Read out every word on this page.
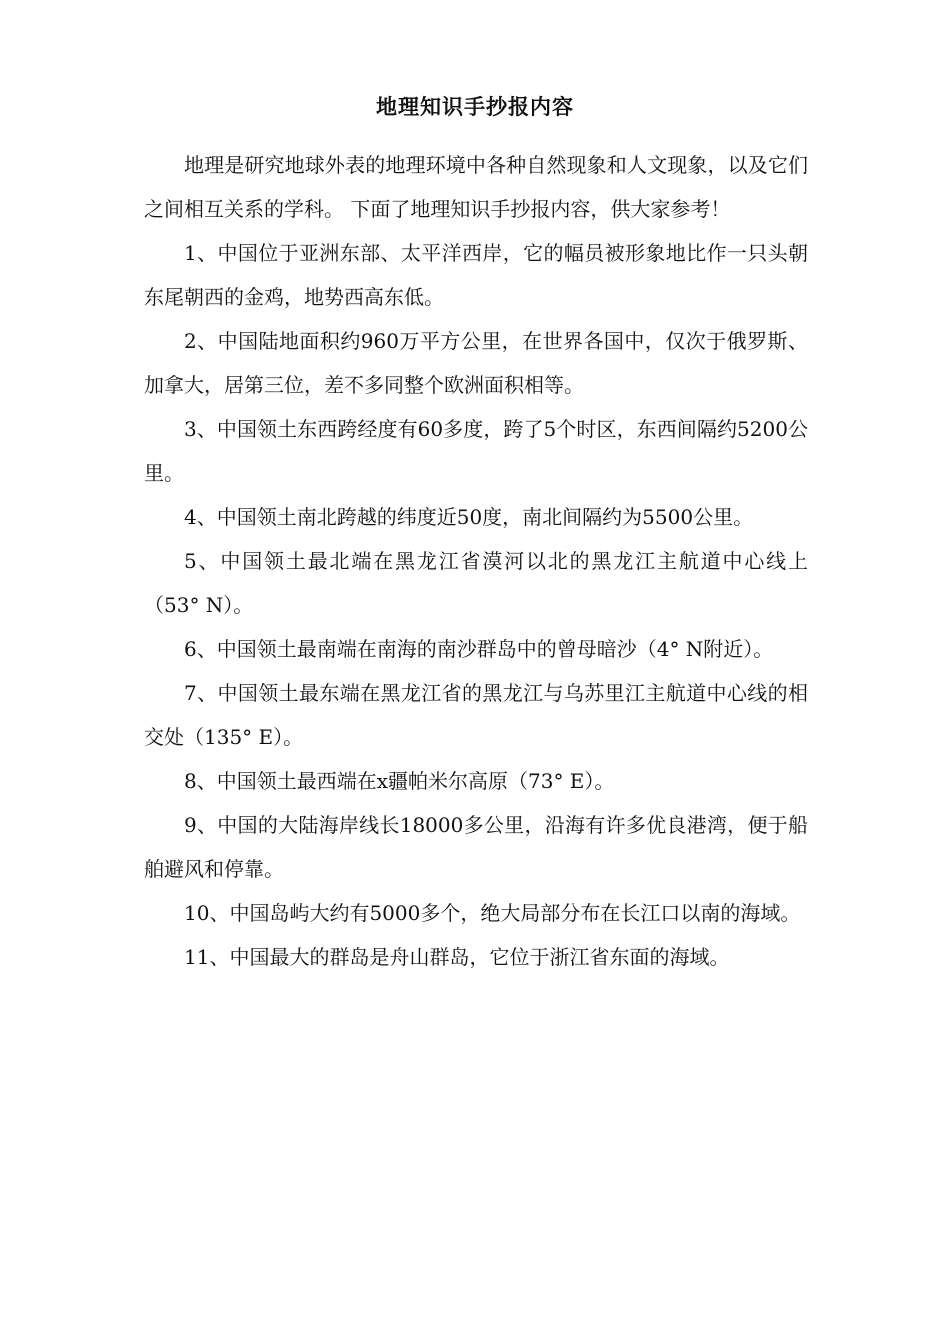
地理知识手抄报内容

地理是研究地球外表的地理环境中各种自然现象和人文现象，以及它们之间相互关系的学科。 下面了地理知识手抄报内容，供大家参考！

1、中国位于亚洲东部、太平洋西岸，它的幅员被形象地比作一只头朝东尾朝西的金鸡，地势西高东低。

2、中国陆地面积约960万平方公里，在世界各国中，仅次于俄罗斯、加拿大，居第三位，差不多同整个欧洲面积相等。

3、中国领土东西跨经度有60多度，跨了5个时区，东西间隔约5200公里。

4、中国领土南北跨越的纬度近50度，南北间隔约为5500公里。

5、中国领土最北端在黑龙江省漠河以北的黑龙江主航道中心线上（53° N）。

6、中国领土最南端在南海的南沙群岛中的曾母暗沙（4° N附近）。

7、中国领土最东端在黑龙江省的黑龙江与乌苏里江主航道中心线的相交处（135° E）。

8、中国领土最西端在x疆帕米尔高原（73° E）。

9、中国的大陆海岸线长18000多公里，沿海有许多优良港湾，便于船舶避风和停靠。

10、中国岛屿大约有5000多个，绝大局部分布在长江口以南的海域。

11、中国最大的群岛是舟山群岛，它位于浙江省东面的海域。
